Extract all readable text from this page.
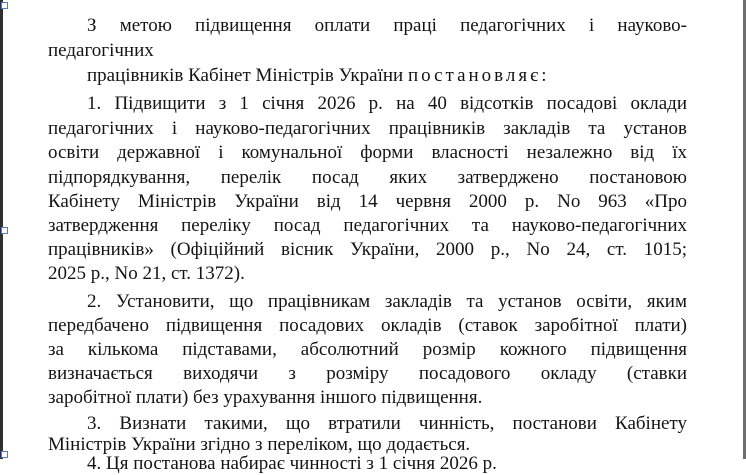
З метою підвищення оплати праці педагогічних і науково-
педагогічних
працівників Кабінет Міністрів України постановляє:
1. Підвищити з 1 січня 2026 р. на 40 відсотків посадові оклади
педагогічних і науково-педагогічних працівників закладів та установ
освіти державної і комунальної форми власності незалежно від їх
підпорядкування, перелік посад яких затверджено постановою
Кабінету Міністрів України від 14 червня 2000 р. No 963 «Про
затвердження переліку посад педагогічних та науково-педагогічних
працівників» (Офіційний вісник України, 2000 р., No 24, ст. 1015;
2025 р., No 21, ст. 1372).
2. Установити, що працівникам закладів та установ освіти, яким
передбачено підвищення посадових окладів (ставок заробітної плати)
за кількома підставами, абсолютний розмір кожного підвищення
визначається виходячи з розміру посадового окладу (ставки
заробітної плати) без урахування іншого підвищення.
3. Визнати такими, що втратили чинність, постанови Кабінету
Міністрів України згідно з переліком, що додається.
4. Ця постанова набирає чинності з 1 січня 2026 р.
